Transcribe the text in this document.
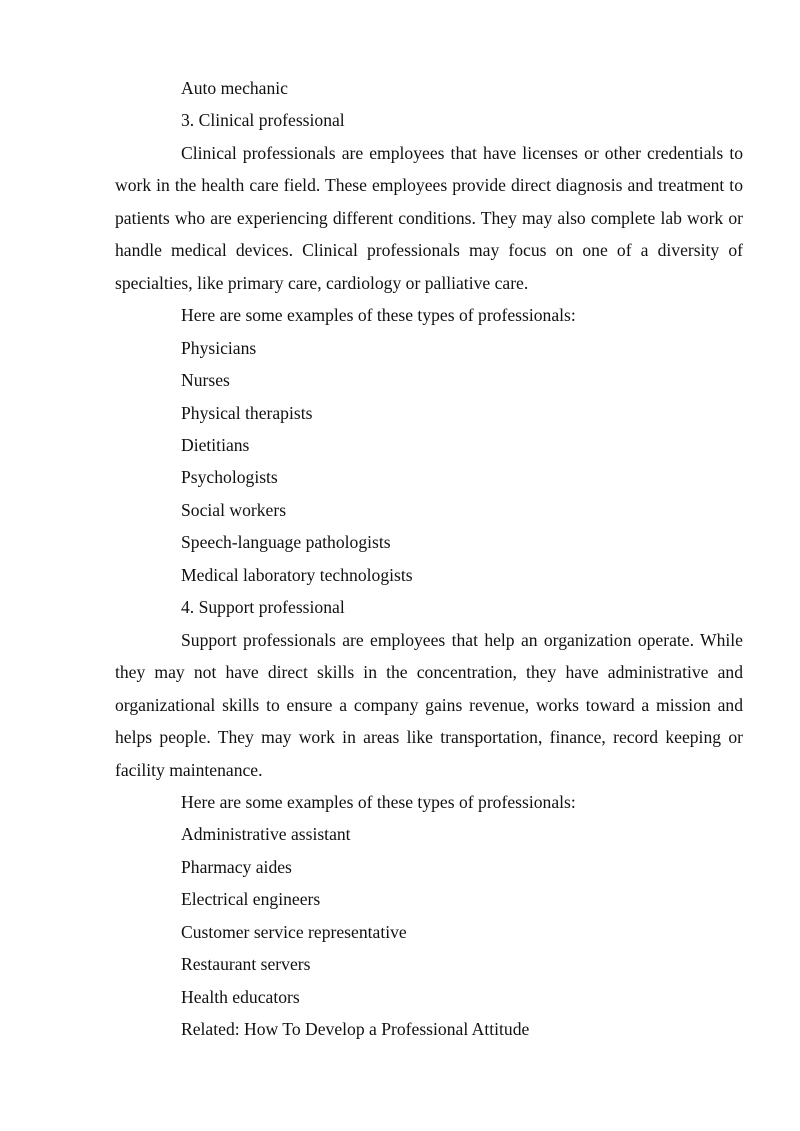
Auto mechanic

3. Clinical professional

Clinical professionals are employees that have licenses or other credentials to work in the health care field. These employees provide direct diagnosis and treatment to patients who are experiencing different conditions. They may also complete lab work or handle medical devices. Clinical professionals may focus on one of a diversity of specialties, like primary care, cardiology or palliative care.

Here are some examples of these types of professionals:

Physicians

Nurses

Physical therapists

Dietitians

Psychologists

Social workers

Speech-language pathologists

Medical laboratory technologists

4. Support professional

Support professionals are employees that help an organization operate. While they may not have direct skills in the concentration, they have administrative and organizational skills to ensure a company gains revenue, works toward a mission and helps people. They may work in areas like transportation, finance, record keeping or facility maintenance.

Here are some examples of these types of professionals:

Administrative assistant

Pharmacy aides

Electrical engineers

Customer service representative

Restaurant servers

Health educators

Related: How To Develop a Professional Attitude
